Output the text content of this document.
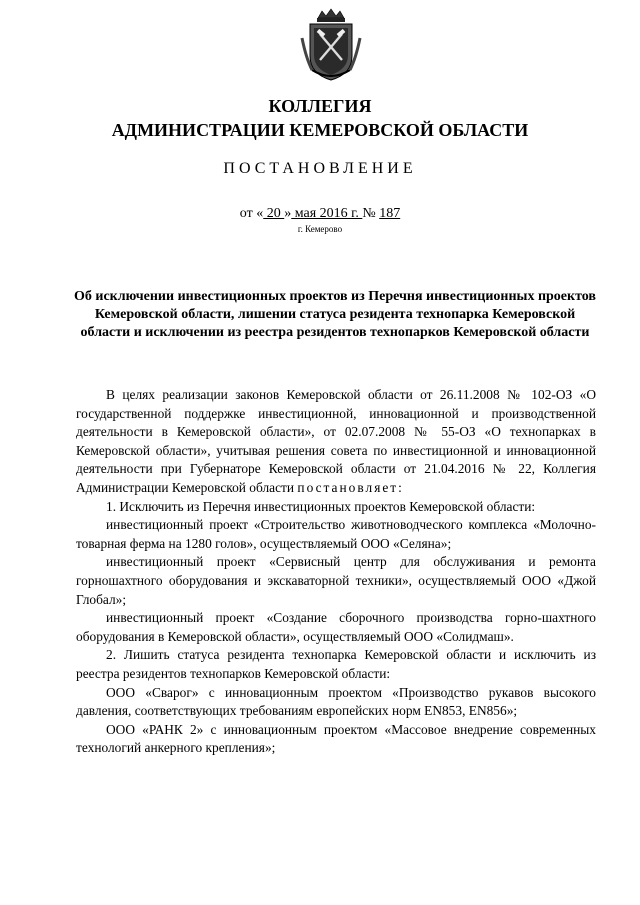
КОЛЛЕГИЯ
АДМИНИСТРАЦИИ КЕМЕРОВСКОЙ ОБЛАСТИ
ПОСТАНОВЛЕНИЕ
от « 20 » мая 2016 г. № 187
г. Кемерово
Об исключении инвестиционных проектов из Перечня инвестиционных проектов Кемеровской области, лишении статуса резидента технопарка Кемеровской области и исключении из реестра резидентов технопарков Кемеровской области

В целях реализации законов Кемеровской области от 26.11.2008 № 102-ОЗ «О государственной поддержке инвестиционной, инновационной и производственной деятельности в Кемеровской области», от 02.07.2008 № 55-ОЗ «О технопарках в Кемеровской области», учитывая решения совета по инвестиционной и инновационной деятельности при Губернаторе Кемеровской области от 21.04.2016 № 22, Коллегия Администрации Кемеровской области постановляет:

1. Исключить из Перечня инвестиционных проектов Кемеровской области:

инвестиционный проект «Строительство животноводческого комплекса «Молочно-товарная ферма на 1280 голов», осуществляемый ООО «Селяна»;

инвестиционный проект «Сервисный центр для обслуживания и ремонта горношахтного оборудования и экскаваторной техники», осуществляемый ООО «Джой Глобал»;

инвестиционный проект «Создание сборочного производства горно-шахтного оборудования в Кемеровской области», осуществляемый ООО «Солидмаш».

2. Лишить статуса резидента технопарка Кемеровской области и исключить из реестра резидентов технопарков Кемеровской области:

ООО «Сварог» с инновационным проектом «Производство рукавов высокого давления, соответствующих требованиям европейских норм EN853, EN856»;

ООО «РАНК 2» с инновационным проектом «Массовое внедрение современных технологий анкерного крепления»;
